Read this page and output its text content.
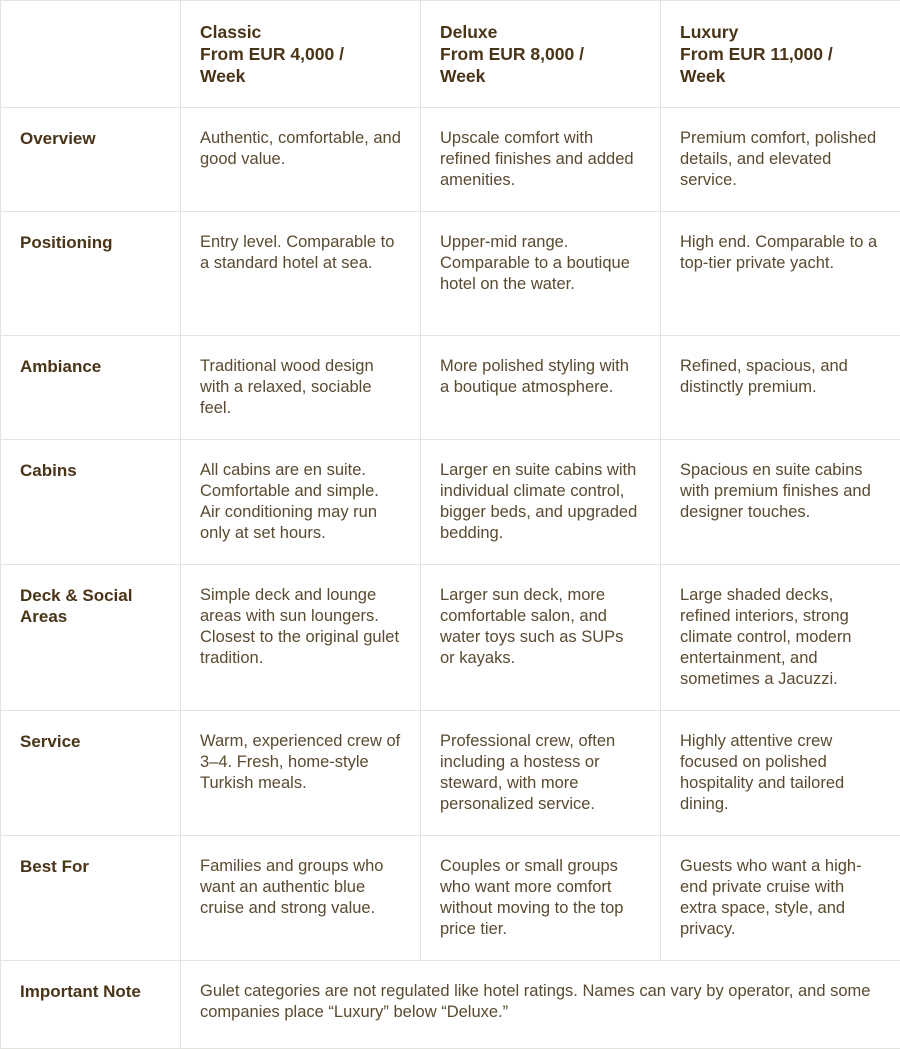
	Classic
From EUR 4,000 /
Week	Deluxe
From EUR 8,000 /
Week	Luxury
From EUR 11,000 /
Week

Overview	Authentic, comfortable, and good value.	Upscale comfort with refined finishes and added amenities.	Premium comfort, polished details, and elevated service.
Positioning	Entry level. Comparable to a standard hotel at sea.	Upper-mid range. Comparable to a boutique hotel on the water.	High end. Comparable to a top-tier private yacht.
Ambiance	Traditional wood design with a relaxed, sociable feel.	More polished styling with a boutique atmosphere.	Refined, spacious, and distinctly premium.
Cabins	All cabins are en suite. Comfortable and simple. Air conditioning may run only at set hours.	Larger en suite cabins with individual climate control, bigger beds, and upgraded bedding.	Spacious en suite cabins with premium finishes and designer touches.
Deck & Social Areas	Simple deck and lounge areas with sun loungers. Closest to the original gulet tradition.	Larger sun deck, more comfortable salon, and water toys such as SUPs or kayaks.	Large shaded decks, refined interiors, strong climate control, modern entertainment, and sometimes a Jacuzzi.
Service	Warm, experienced crew of 3–4. Fresh, home-style Turkish meals.	Professional crew, often including a hostess or steward, with more personalized service.	Highly attentive crew focused on polished hospitality and tailored dining.
Best For	Families and groups who want an authentic blue cruise and strong value.	Couples or small groups who want more comfort without moving to the top price tier.	Guests who want a high-end private cruise with extra space, style, and privacy.
Important Note	Gulet categories are not regulated like hotel ratings. Names can vary by operator, and some companies place “Luxury” below “Deluxe.”		
